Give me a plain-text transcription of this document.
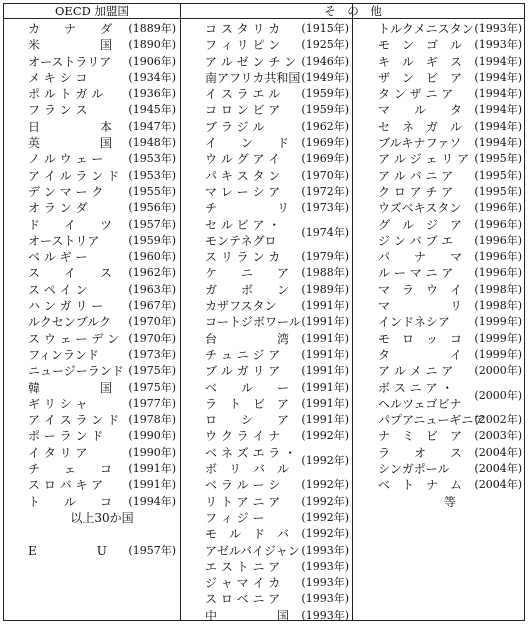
OECD 加盟国	そ　の　他
カ　　ナ　　ダ (1889年)
米　　　　　国 (1890年)
オーストラリア (1906年)
メ キ シ コ	(1934年)
ポ ル ト ガ ル (1936年)
フ ラ ン ス	(1945年)
日　　　　　本 (1947年)
英　　　　　国 (1948年)
ノ ル ウ ェ ー (1953年)
ア イ ル ラ ン ド (1953年)
デ ン マ ー ク (1955年)
オ ラ ン ダ	(1956年)
ド　　イ　　ツ (1957年)
オーストリア	(1959年)
ベ ル ギ ー	(1960年)
ス　　イ　　ス (1962年)
ス ペ イ ン	(1963年)
ハ ン ガ リ ー (1967年)
ルクセンブルク (1970年)
ス ウ ェ ー デ ン (1970年)
フィンランド	(1973年)
ニュージーランド (1975年)
韓　　　　　国 (1975年)
ギ リ シ ャ	(1977年)
ア イ ス ラ ン ド (1978年)
ポ ー ラ ン ド (1990年)
イ タ リ ア	(1990年)
チ　　ェ　　コ (1991年)
ス ロ バ キ ア (1991年)
ト　　ル　　コ (1994年)
以上30か国
E　　　　　U (1957年)
コ ス タ リ カ (1915年)
フ ィ リ ピ ン (1925年)
ア ル ゼ ン チ ン (1946年)
南アフリカ共和国 (1949年)
イ ス ラ エ ル (1959年)
コ ロ ン ビ ア (1959年)
ブ ラ ジ ル	(1962年)
イ　　ン　　ド (1969年)
ウ ル グ ア イ (1969年)
パ キ ス タ ン (1970年)
マ レ ー シ ア (1972年)
チ　　　　　リ (1973年)
セ ル ビ ア ・
モンテネグロ
(1974年)
ス リ ラ ン カ (1979年)
ケ　　ニ　　ア (1988年)
ガ　　ボ　　ン (1989年)
カザフスタン (1991年)
コートジボワール (1991年)
台　　　　　湾 (1991年)
チ ュ ニ ジ ア (1991年)
ブ ル ガ リ ア (1991年)
ベ　　ル　　ー (1991年)
ラ　ト　ビ　ア (1991年)
ロ　　シ　　ア (1991年)
ウ ク ラ イ ナ (1992年)
ベ ネ ズ エ ラ ・
ボ　リ　バ　ル
(1992年)
ベ ラ ル ー シ (1992年)
リ ト ア ニ ア (1992年)
フ ィ ジ ー	(1992年)
モ　ル　ド　バ (1992年)
アゼルバイジャン (1993年)
エ ス ト ニ ア (1993年)
ジ ャ マ イ カ (1993年)
ス ロ ベ ニ ア (1993年)
中　　　　　国 (1993年)
トルクメニスタン (1993年)
モ　ン　ゴ　ル (1993年)
キ　ル　ギ　ス (1994年)
ザ　ン　ビ　ア (1994年)
タ ン ザ ニ ア (1994年)
マ　　ル　　タ (1994年)
セ　ネ　ガ　ル (1994年)
ブルキナファソ (1994年)
ア ル ジ ェ リ ア (1995年)
ア ル バ ニ ア (1995年)
ク ロ ア チ ア (1995年)
ウズベキスタン (1996年)
グ　ル　ジ　ア (1996年)
ジ ン バ ブ エ (1996年)
パ　　ナ　　マ (1996年)
ル ー マ ニ ア (1996年)
マ　ラ　ウ　イ (1998年)
マ　　　　　リ (1998年)
インドネシア (1999年)
モ　ロ　ッ　コ (1999年)
タ　　　　　イ (1999年)
ア ル メ ニ ア (2000年)
ボ ス ニ ア ・
ヘルツェゴビナ
(2000年)
パプアニューギニア
(2002年)
ナ　ミ　ビ　ア (2003年)
ラ　　オ　　ス (2004年)
シンガポール (2004年)
ベ　ト　ナ　ム (2004年)
等
